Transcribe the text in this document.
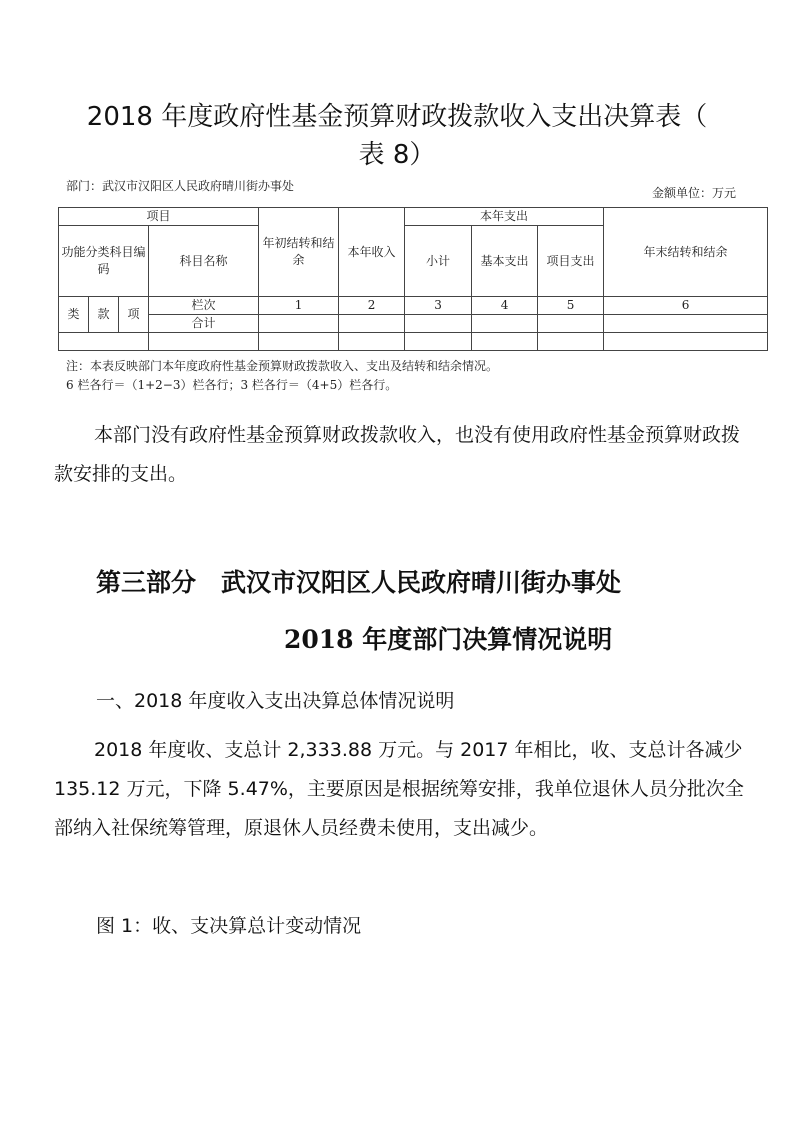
2018 年度政府性基金预算财政拨款收入支出决算表（
表 8）
部门：武汉市汉阳区人民政府晴川街办事处	金额单位：万元
项目				年初结转和结余	本年收入	本年支出			年末结转和结余
功能分类科目编码			科目名称			小计	基本支出	项目支出	
类	款	项	栏次	1	2	3	4	5	6
			合计						

注：本表反映部门本年度政府性基金预算财政拨款收入、支出及结转和结余情况。
6 栏各行＝（1+2−3）栏各行；3 栏各行＝（4+5）栏各行。

本部门没有政府性基金预算财政拨款收入，也没有使用政府性基金预算财政拨款安排的支出。

第三部分　武汉市汉阳区人民政府晴川街办事处
2018 年度部门决算情况说明
一、2018 年度收入支出决算总体情况说明

2018 年度收、支总计 2,333.88 万元。与 2017 年相比，收、支总计各减少 135.12 万元，下降 5.47%，主要原因是根据统筹安排，我单位退休人员分批次全部纳入社保统筹管理，原退休人员经费未使用，支出减少。

图 1：收、支决算总计变动情况
